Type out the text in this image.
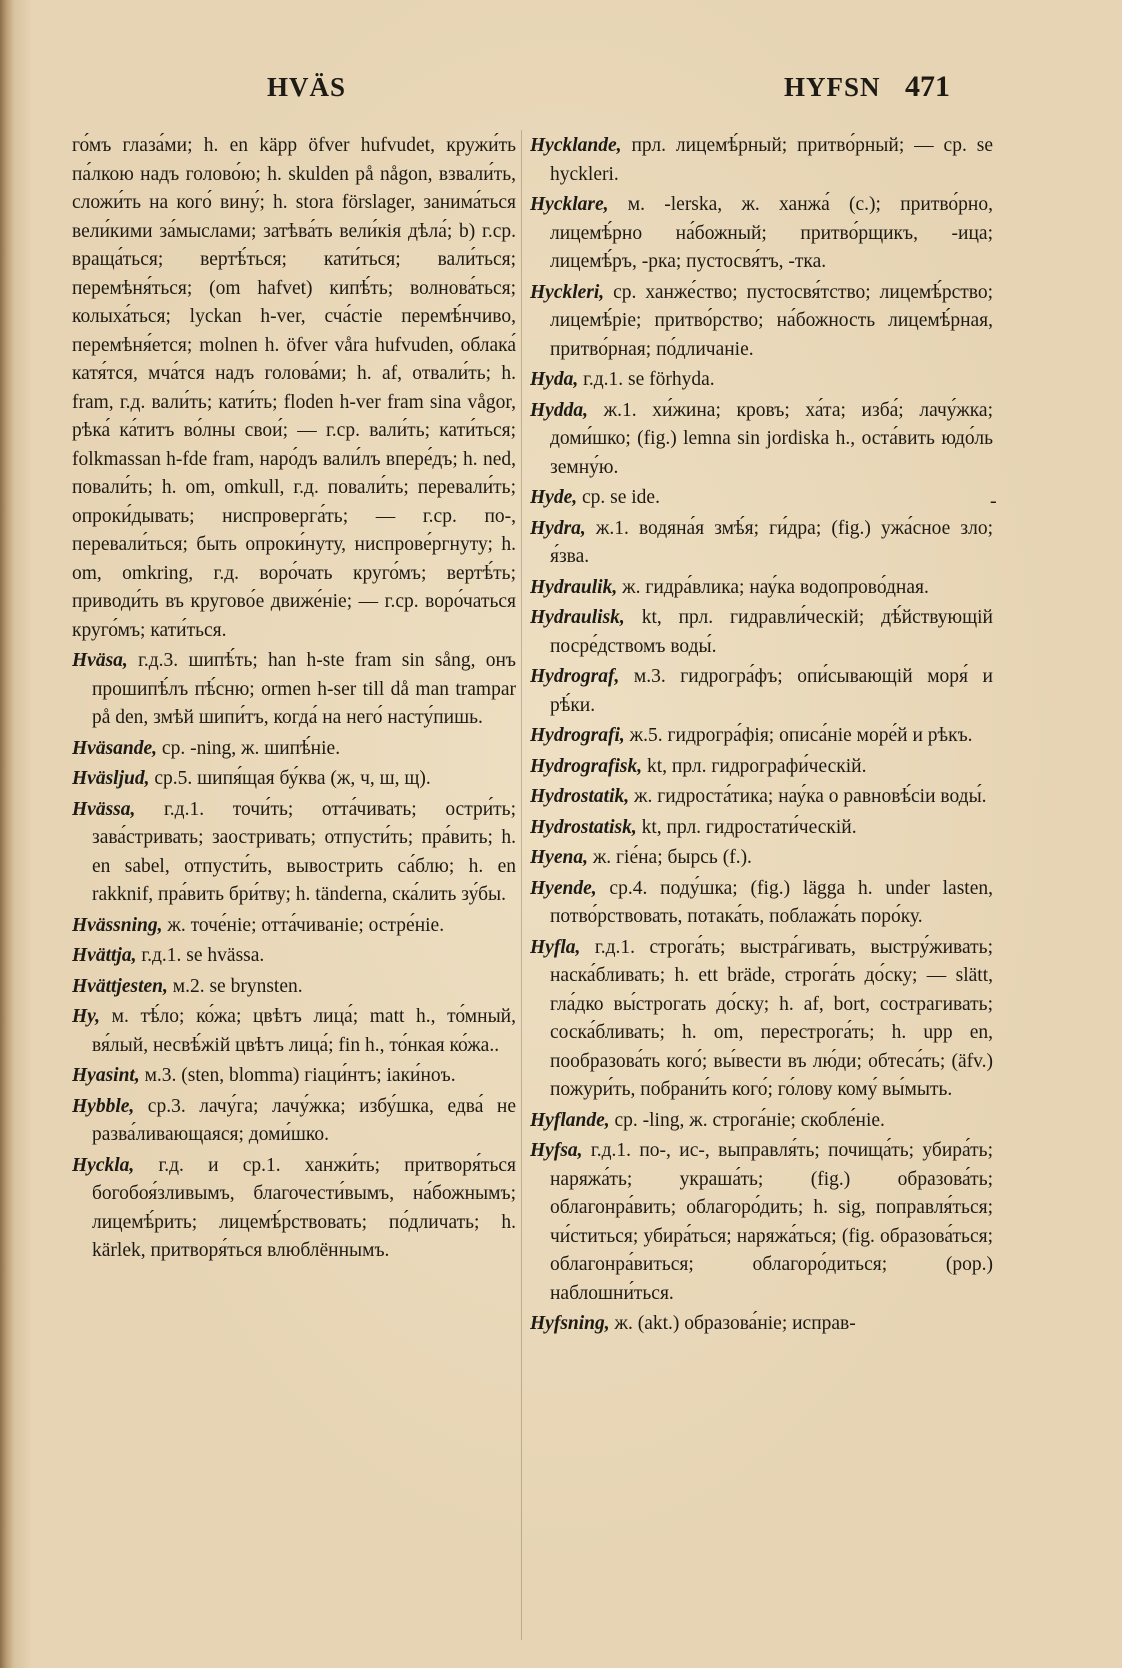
HVÄS	HYFSN 471

го́мъ глаза́ми; h. en käpp öfver hufvudet, кружи́ть па́лкою надъ голово́ю; h. skulden på någon, взвали́ть, сложи́ть на кого́ вину́; h. stora förslager, занима́ться вели́кими за́мыслами; затѣва́ть вели́кія дѣла́; b) г.ср. враща́ться; вертѣ́ться; кати́ться; вали́ться; перемѣня́ться; (om hafvet) кипѣ́ть; волнова́ться; колыха́ться; lyckan h-ver, сча́стіе перемѣ́нчиво, перемѣня́ется; molnen h. öfver våra hufvuden, облака́ катя́тся, мча́тся надъ голова́ми; h. af, отвали́ть; h. fram, г.д. вали́ть; кати́ть; floden h-ver fram sina vågor, рѣка́ ка́титъ во́лны свои́; — г.ср. вали́ть; кати́ться; folkmassan h-fde fram, наро́дъ вали́лъ впере́дъ; h. ned, повали́ть; h. om, omkull, г.д. повали́ть; перевали́ть; опроки́дывать; ниспроверга́ть; — г.ср. по-, перевали́ться; быть опроки́нуту, ниспрове́ргнуту; h. om, omkring, г.д. воро́чать круго́мъ; вертѣ́ть; приводи́ть въ кругово́е движе́ніе; — г.ср. воро́чаться круго́мъ; кати́ться.

Hväsa, г.д.3. шипѣ́ть; han h-ste fram sin sång, онъ прошипѣ́лъ пѣ́сню; ormen h-ser till då man trampar på den, змѣй шипи́тъ, когда́ на него́ насту́пишь.

Hväsande, ср. -ning, ж. шипѣ́ніе.

Hväsljud, ср.5. шипя́щая бу́ква (ж, ч, ш, щ).

Hvässa, г.д.1. точи́ть; отта́чивать; остри́ть; зава́стривать; заостривать; отпусти́ть; пра́вить; h. en sabel, отпусти́ть, вывострить са́блю; h. en rakknif, пра́вить бри́тву; h. tänderna, ска́лить зу́бы.

Hvässning, ж. точе́ніе; отта́чиваніе; остре́ніе.

Hvättja, г.д.1. se hvässa.

Hvättjesten, м.2. se brynsten.

Hy, м. тѣ́ло; ко́жа; цвѣтъ лица́; matt h., то́мный, вя́лый, несвѣ́жій цвѣтъ лица́; fin h., то́нкая ко́жа..

Hyasint, м.3. (sten, blomma) гіаци́нтъ; іаки́ноъ.

Hybble, ср.3. лачу́га; лачу́жка; избу́шка, едва́ не разва́ливающаяся; доми́шко.

Hyckla, г.д. и ср.1. ханжи́ть; притворя́ться богобоя́зливымъ, благочести́вымъ, на́божнымъ; лицемѣ́рить; лицемѣ́рствовать; по́дличать; h. kärlek, притворя́ться влюблённымъ.

Hycklande, прл. лицемѣ́рный; притво́рный; — ср. se hyckleri.

Hycklare, м. -lerska, ж. ханжа́ (с.); притво́рно, лицемѣ́рно на́божный; притво́рщикъ, -ица; лицемѣ́ръ, -рка; пустосвя́тъ, -тка.

Hyckleri, ср. ханже́ство; пустосвя́тство; лицемѣ́рство; лицемѣ́ріе; притво́рство; на́божность лицемѣ́рная, притво́рная; по́дличаніе.

Hyda, г.д.1. se förhyda.

Hydda, ж.1. хи́жина; кровъ; ха́та; изба́; лачу́жка; доми́шко; (fig.) lemna sin jordiska h., оста́вить юдо́ль земну́ю.

Hyde, ср. se ide.

Hydra, ж.1. водяна́я змѣ́я; ги́дра; (fig.) ужа́сное зло; я́зва.

Hydraulik, ж. гидра́влика; нау́ка водопрово́дная.

Hydraulisk, kt, прл. гидравли́ческій; дѣ́йствующій посре́дствомъ воды́.

Hydrograf, м.3. гидрогра́фъ; опи́сывающій моря́ и рѣ́ки.

Hydrografi, ж.5. гидрогра́фія; описа́ніе море́й и рѣкъ.

Hydrografisk, kt, прл. гидрографи́ческій.

Hydrostatik, ж. гидроста́тика; нау́ка о равновѣ́сіи воды́.

Hydrostatisk, kt, прл. гидростати́ческій.

Hyena, ж. гіе́на; бырсь (f.).

Hyende, ср.4. поду́шка; (fig.) lägga h. under lasten, потво́рствовать, потака́ть, поблажа́ть поро́ку.

Hyfla, г.д.1. строга́ть; выстра́гивать, выстру́живать; наска́бливать; h. ett bräde, строга́ть до́ску; — slätt, гла́дко вы́строгать до́ску; h. af, bort, сострагивать; соска́бливать; h. om, перестрога́ть; h. upp en, пообразова́ть кого́; вы́вести въ лю́ди; обтеса́ть; (äfv.) пожури́ть, побрани́ть кого́; го́лову кому́ вы́мыть.

Hyflande, ср. -ling, ж. строга́ніе; скобле́ніе.

Hyfsa, г.д.1. по-, ис-, выправля́ть; почища́ть; убира́ть; наряжа́ть; украша́ть; (fig.) образова́ть; облагонра́вить; облагоро́дить; h. sig, поправля́ться; чи́ститься; убира́ться; наряжа́ться; (fig. образова́ться; облагонра́виться; облагоро́диться; (pop.) наблошни́ться.

Hyfsning, ж. (akt.) образова́ніе; исправ-

-
